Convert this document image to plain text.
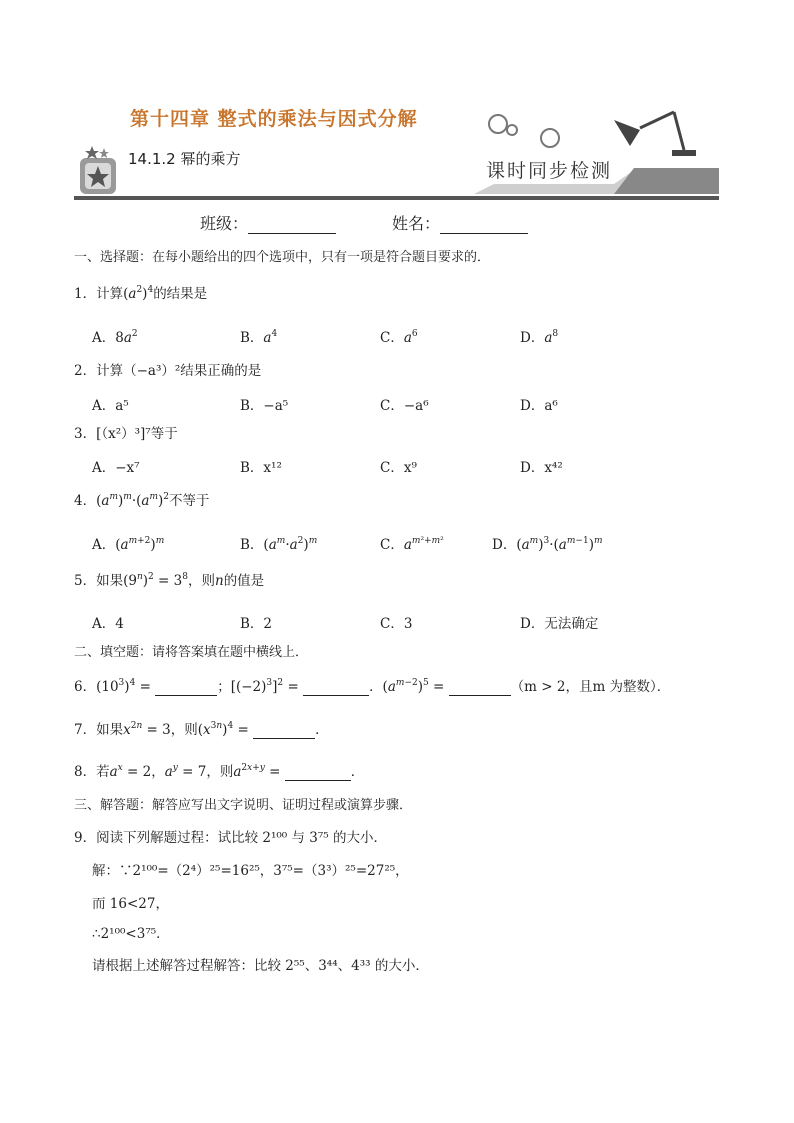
第十四章 整式的乘法与因式分解
14.1.2 幂的乘方
课时同步检测
班级：	姓名：
一、选择题：在每小题给出的四个选项中，只有一项是符合题目要求的．
1．计算$(a^2)^4$的结果是
A．$8a^2$	B．$a^4$	C．$a^6$	D．$a^8$
2．计算（−a³）²结果正确的是
A．a⁵	B．−a⁵	C．−a⁶	D．a⁶
3．[（x²）³]⁷等于
A．−x⁷	B．x¹²	C．x⁹	D．x⁴²
4．$(a^m)^m\cdot(a^m)^2$不等于
A．$(a^{m+2})^m$	B．$(a^m\cdot a^2)^m$	C．$a^{m^2+m^2}$	D．$(a^m)^3\cdot(a^{m-1})^m$
5．如果$(9^n)^2 = 3^8$，则n的值是
A．4	B．2	C．3	D．无法确定
二、填空题：请将答案填在题中横线上．
6．$(10^3)^4$ =	；$[(-2)^3]^2$ =	．$(a^{m-2})^5$ =	（m > 2，且m 为整数）．
7．如果$x^{2n} = 3$，则$(x^{3n})^4$ =	．
8．若$a^x = 2$，$a^y = 7$，则$a^{2x+y}$ =	．
三、解答题：解答应写出文字说明、证明过程或演算步骤．
9．阅读下列解题过程：试比较 2¹⁰⁰ 与 3⁷⁵ 的大小．
解：∵2¹⁰⁰=（2⁴）²⁵=16²⁵，3⁷⁵=（3³）²⁵=27²⁵，
而 16<27，
∴2¹⁰⁰<3⁷⁵．
请根据上述解答过程解答：比较 2⁵⁵、3⁴⁴、4³³ 的大小．
